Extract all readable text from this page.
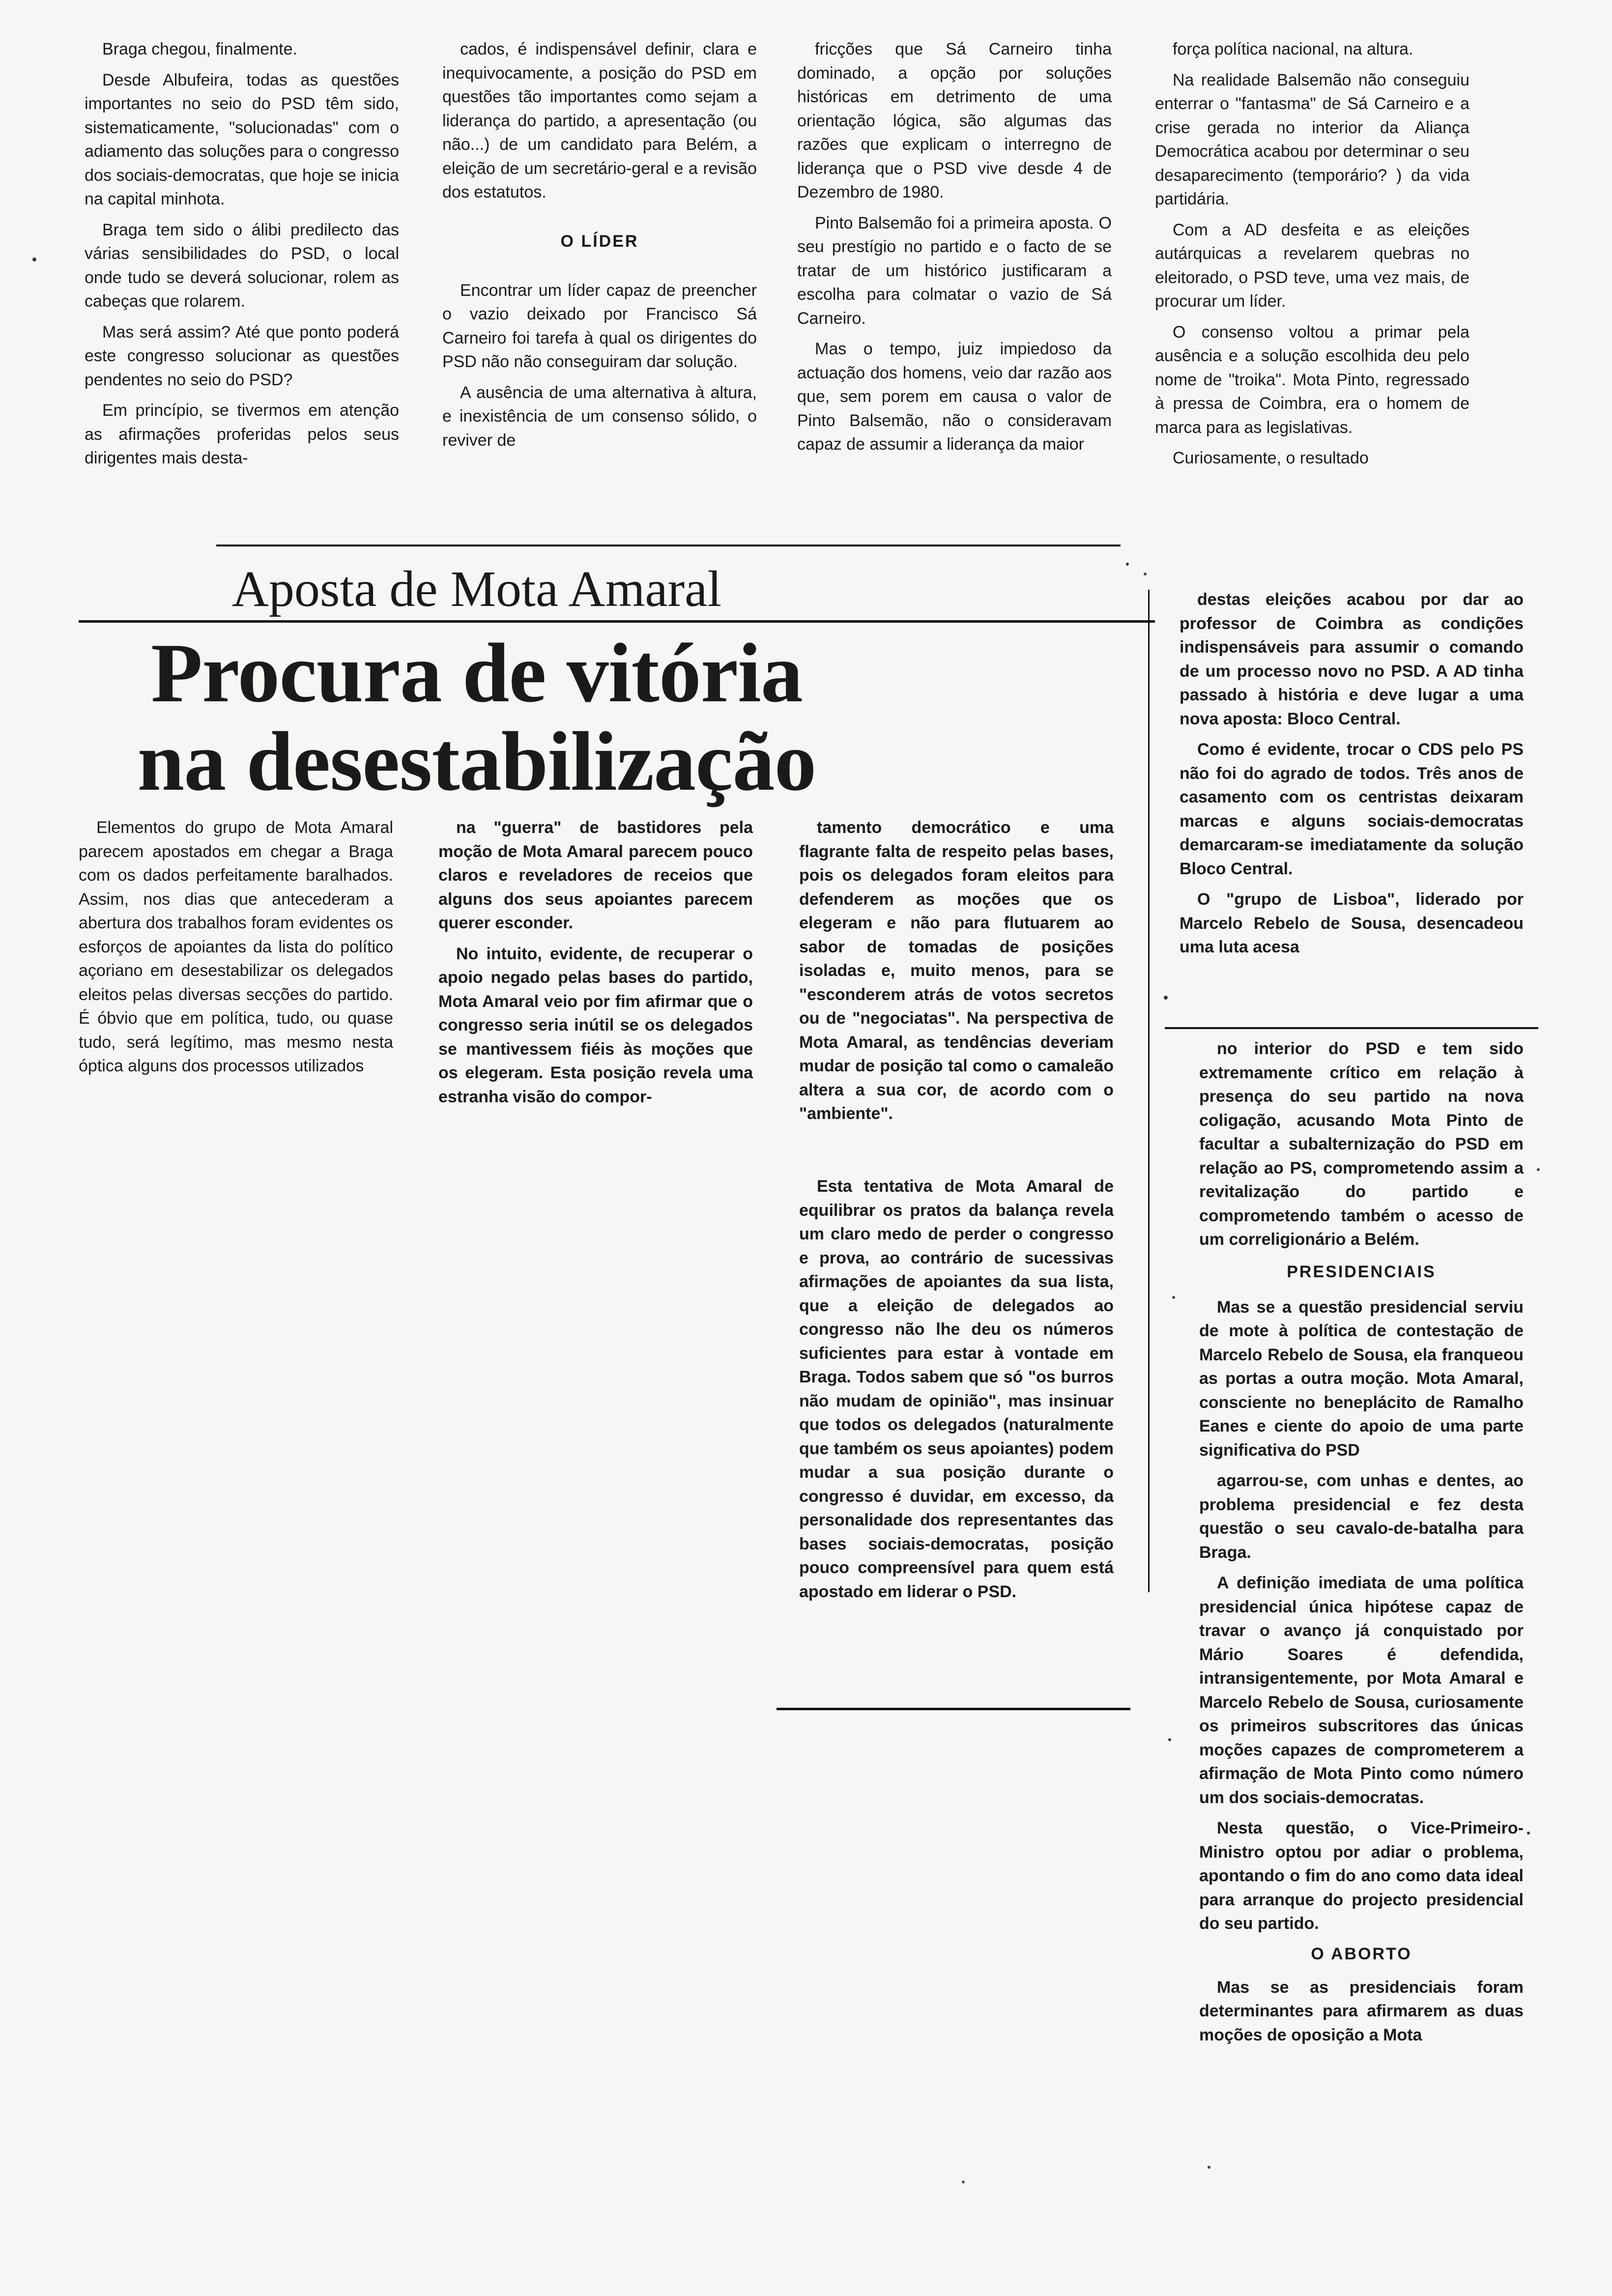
Braga chegou, finalmente.

Desde Albufeira, todas as questões importantes no seio do PSD têm sido, sistematicamente, "solucionadas" com o adiamento das soluções para o congresso dos sociais-democratas, que hoje se inicia na capital minhota.

Braga tem sido o álibi predilecto das várias sensibilidades do PSD, o local onde tudo se deverá solucionar, rolem as cabeças que rolarem.

Mas será assim? Até que ponto poderá este congresso solucionar as questões pendentes no seio do PSD?

Em princípio, se tivermos em atenção as afirmações proferidas pelos seus dirigentes mais desta-

cados, é indispensável definir, clara e inequivocamente, a posição do PSD em questões tão importantes como sejam a liderança do partido, a apresentação (ou não...) de um candidato para Belém, a eleição de um secretário-geral e a revisão dos estatutos.

O LÍDER

Encontrar um líder capaz de preencher o vazio deixado por Francisco Sá Carneiro foi tarefa à qual os dirigentes do PSD não não conseguiram dar solução.

A ausência de uma alternativa à altura, e inexistência de um consenso sólido, o reviver de

fricções que Sá Carneiro tinha dominado, a opção por soluções históricas em detrimento de uma orientação lógica, são algumas das razões que explicam o interregno de liderança que o PSD vive desde 4 de Dezembro de 1980.

Pinto Balsemão foi a primeira aposta. O seu prestígio no partido e o facto de se tratar de um histórico justificaram a escolha para colmatar o vazio de Sá Carneiro.

Mas o tempo, juiz impiedoso da actuação dos homens, veio dar razão aos que, sem porem em causa o valor de Pinto Balsemão, não o consideravam capaz de assumir a liderança da maior

força política nacional, na altura.

Na realidade Balsemão não conseguiu enterrar o "fantasma" de Sá Carneiro e a crise gerada no interior da Aliança Democrática acabou por determinar o seu desaparecimento (temporário? ) da vida partidária.

Com a AD desfeita e as eleições autárquicas a revelarem quebras no eleitorado, o PSD teve, uma vez mais, de procurar um líder.

O consenso voltou a primar pela ausência e a solução escolhida deu pelo nome de "troika". Mota Pinto, regressado à pressa de Coimbra, era o homem de marca para as legislativas.

Curiosamente, o resultado

Aposta de Mota Amaral
Procura de vitória
na desestabilização

Elementos do grupo de Mota Amaral parecem apostados em chegar a Braga com os dados perfeitamente baralhados. Assim, nos dias que antecederam a abertura dos trabalhos foram evidentes os esforços de apoiantes da lista do político açoriano em desestabilizar os delegados eleitos pelas diversas secções do partido. É óbvio que em política, tudo, ou quase tudo, será legítimo, mas mesmo nesta óptica alguns dos processos utilizados

na "guerra" de bastidores pela moção de Mota Amaral parecem pouco claros e reveladores de receios que alguns dos seus apoiantes parecem querer esconder.

No intuito, evidente, de recuperar o apoio negado pelas bases do partido, Mota Amaral veio por fim afirmar que o congresso seria inútil se os delegados se mantivessem fiéis às moções que os elegeram. Esta posição revela uma estranha visão do compor-

tamento democrático e uma flagrante falta de respeito pelas bases, pois os delegados foram eleitos para defenderem as moções que os elegeram e não para flutuarem ao sabor de tomadas de posições isoladas e, muito menos, para se "esconderem atrás de votos secretos ou de "negociatas". Na perspectiva de Mota Amaral, as tendências deveriam mudar de posição tal como o camaleão altera a sua cor, de acordo com o "ambiente".

Esta tentativa de Mota Amaral de equilibrar os pratos da balança revela um claro medo de perder o congresso e prova, ao contrário de sucessivas afirmações de apoiantes da sua lista, que a eleição de delegados ao congresso não lhe deu os números suficientes para estar à vontade em Braga. Todos sabem que só "os burros não mudam de opinião", mas insinuar que todos os delegados (naturalmente que também os seus apoiantes) podem mudar a sua posição durante o congresso é duvidar, em excesso, da personalidade dos representantes das bases sociais-democratas, posição pouco compreensível para quem está apostado em liderar o PSD.

destas eleições acabou por dar ao professor de Coimbra as condições indispensáveis para assumir o comando de um processo novo no PSD. A AD tinha passado à história e deve lugar a uma nova aposta: Bloco Central.

Como é evidente, trocar o CDS pelo PS não foi do agrado de todos. Três anos de casamento com os centristas deixaram marcas e alguns sociais-democratas demarcaram-se imediatamente da solução Bloco Central.

O "grupo de Lisboa", liderado por Marcelo Rebelo de Sousa, desencadeou uma luta acesa

no interior do PSD e tem sido extremamente crítico em relação à presença do seu partido na nova coligação, acusando Mota Pinto de facultar a subalternização do PSD em relação ao PS, comprometendo assim a revitalização do partido e comprometendo também o acesso de um correligionário a Belém.

PRESIDENCIAIS

Mas se a questão presidencial serviu de mote à política de contestação de Marcelo Rebelo de Sousa, ela franqueou as portas a outra moção. Mota Amaral, consciente no beneplácito de Ramalho Eanes e ciente do apoio de uma parte significativa do PSD

agarrou-se, com unhas e dentes, ao problema presidencial e fez desta questão o seu cavalo-de-batalha para Braga.

A definição imediata de uma política presidencial única hipótese capaz de travar o avanço já conquistado por Mário Soares é defendida, intransigentemente, por Mota Amaral e Marcelo Rebelo de Sousa, curiosamente os primeiros subscritores das únicas moções capazes de comprometerem a afirmação de Mota Pinto como número um dos sociais-democratas.

Nesta questão, o Vice-Primeiro-Ministro optou por adiar o problema, apontando o fim do ano como data ideal para arranque do projecto presidencial do seu partido.

O ABORTO

Mas se as presidenciais foram determinantes para afirmarem as duas moções de oposição a Mota
